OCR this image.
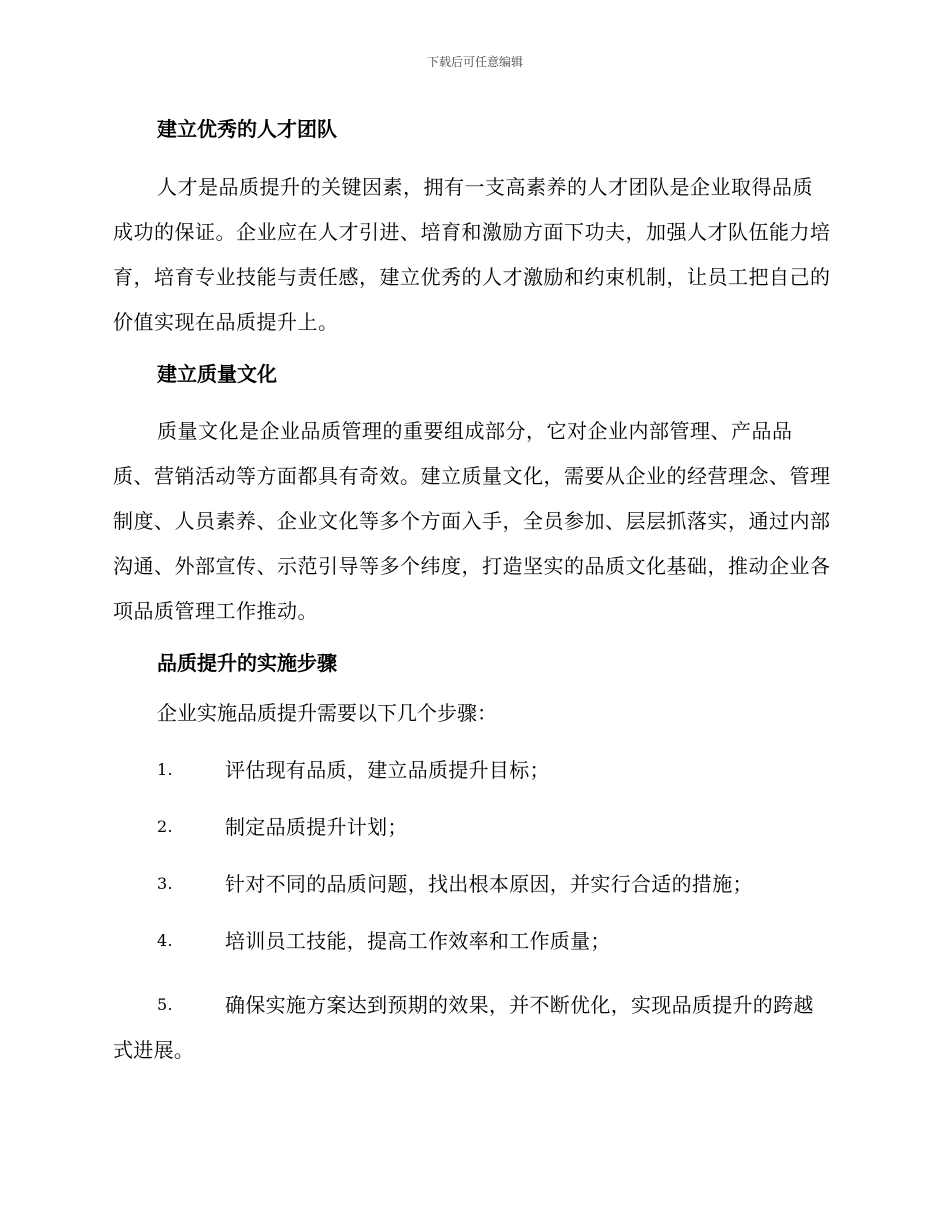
下载后可任意编辑

建立优秀的人才团队

人才是品质提升的关键因素，拥有一支高素养的人才团队是企业取得品质成功的保证。企业应在人才引进、培育和激励方面下功夫，加强人才队伍能力培育，培育专业技能与责任感，建立优秀的人才激励和约束机制，让员工把自己的价值实现在品质提升上。

建立质量文化

质量文化是企业品质管理的重要组成部分，它对企业内部管理、产品品质、营销活动等方面都具有奇效。建立质量文化，需要从企业的经营理念、管理制度、人员素养、企业文化等多个方面入手，全员参加、层层抓落实，通过内部沟通、外部宣传、示范引导等多个纬度，打造坚实的品质文化基础，推动企业各项品质管理工作推动。

品质提升的实施步骤

企业实施品质提升需要以下几个步骤：

1.	评估现有品质，建立品质提升目标；

2.	制定品质提升计划；

3.	针对不同的品质问题，找出根本原因，并实行合适的措施；

4.	培训员工技能，提高工作效率和工作质量；

5.	确保实施方案达到预期的效果，并不断优化，实现品质提升的跨越式进展。
